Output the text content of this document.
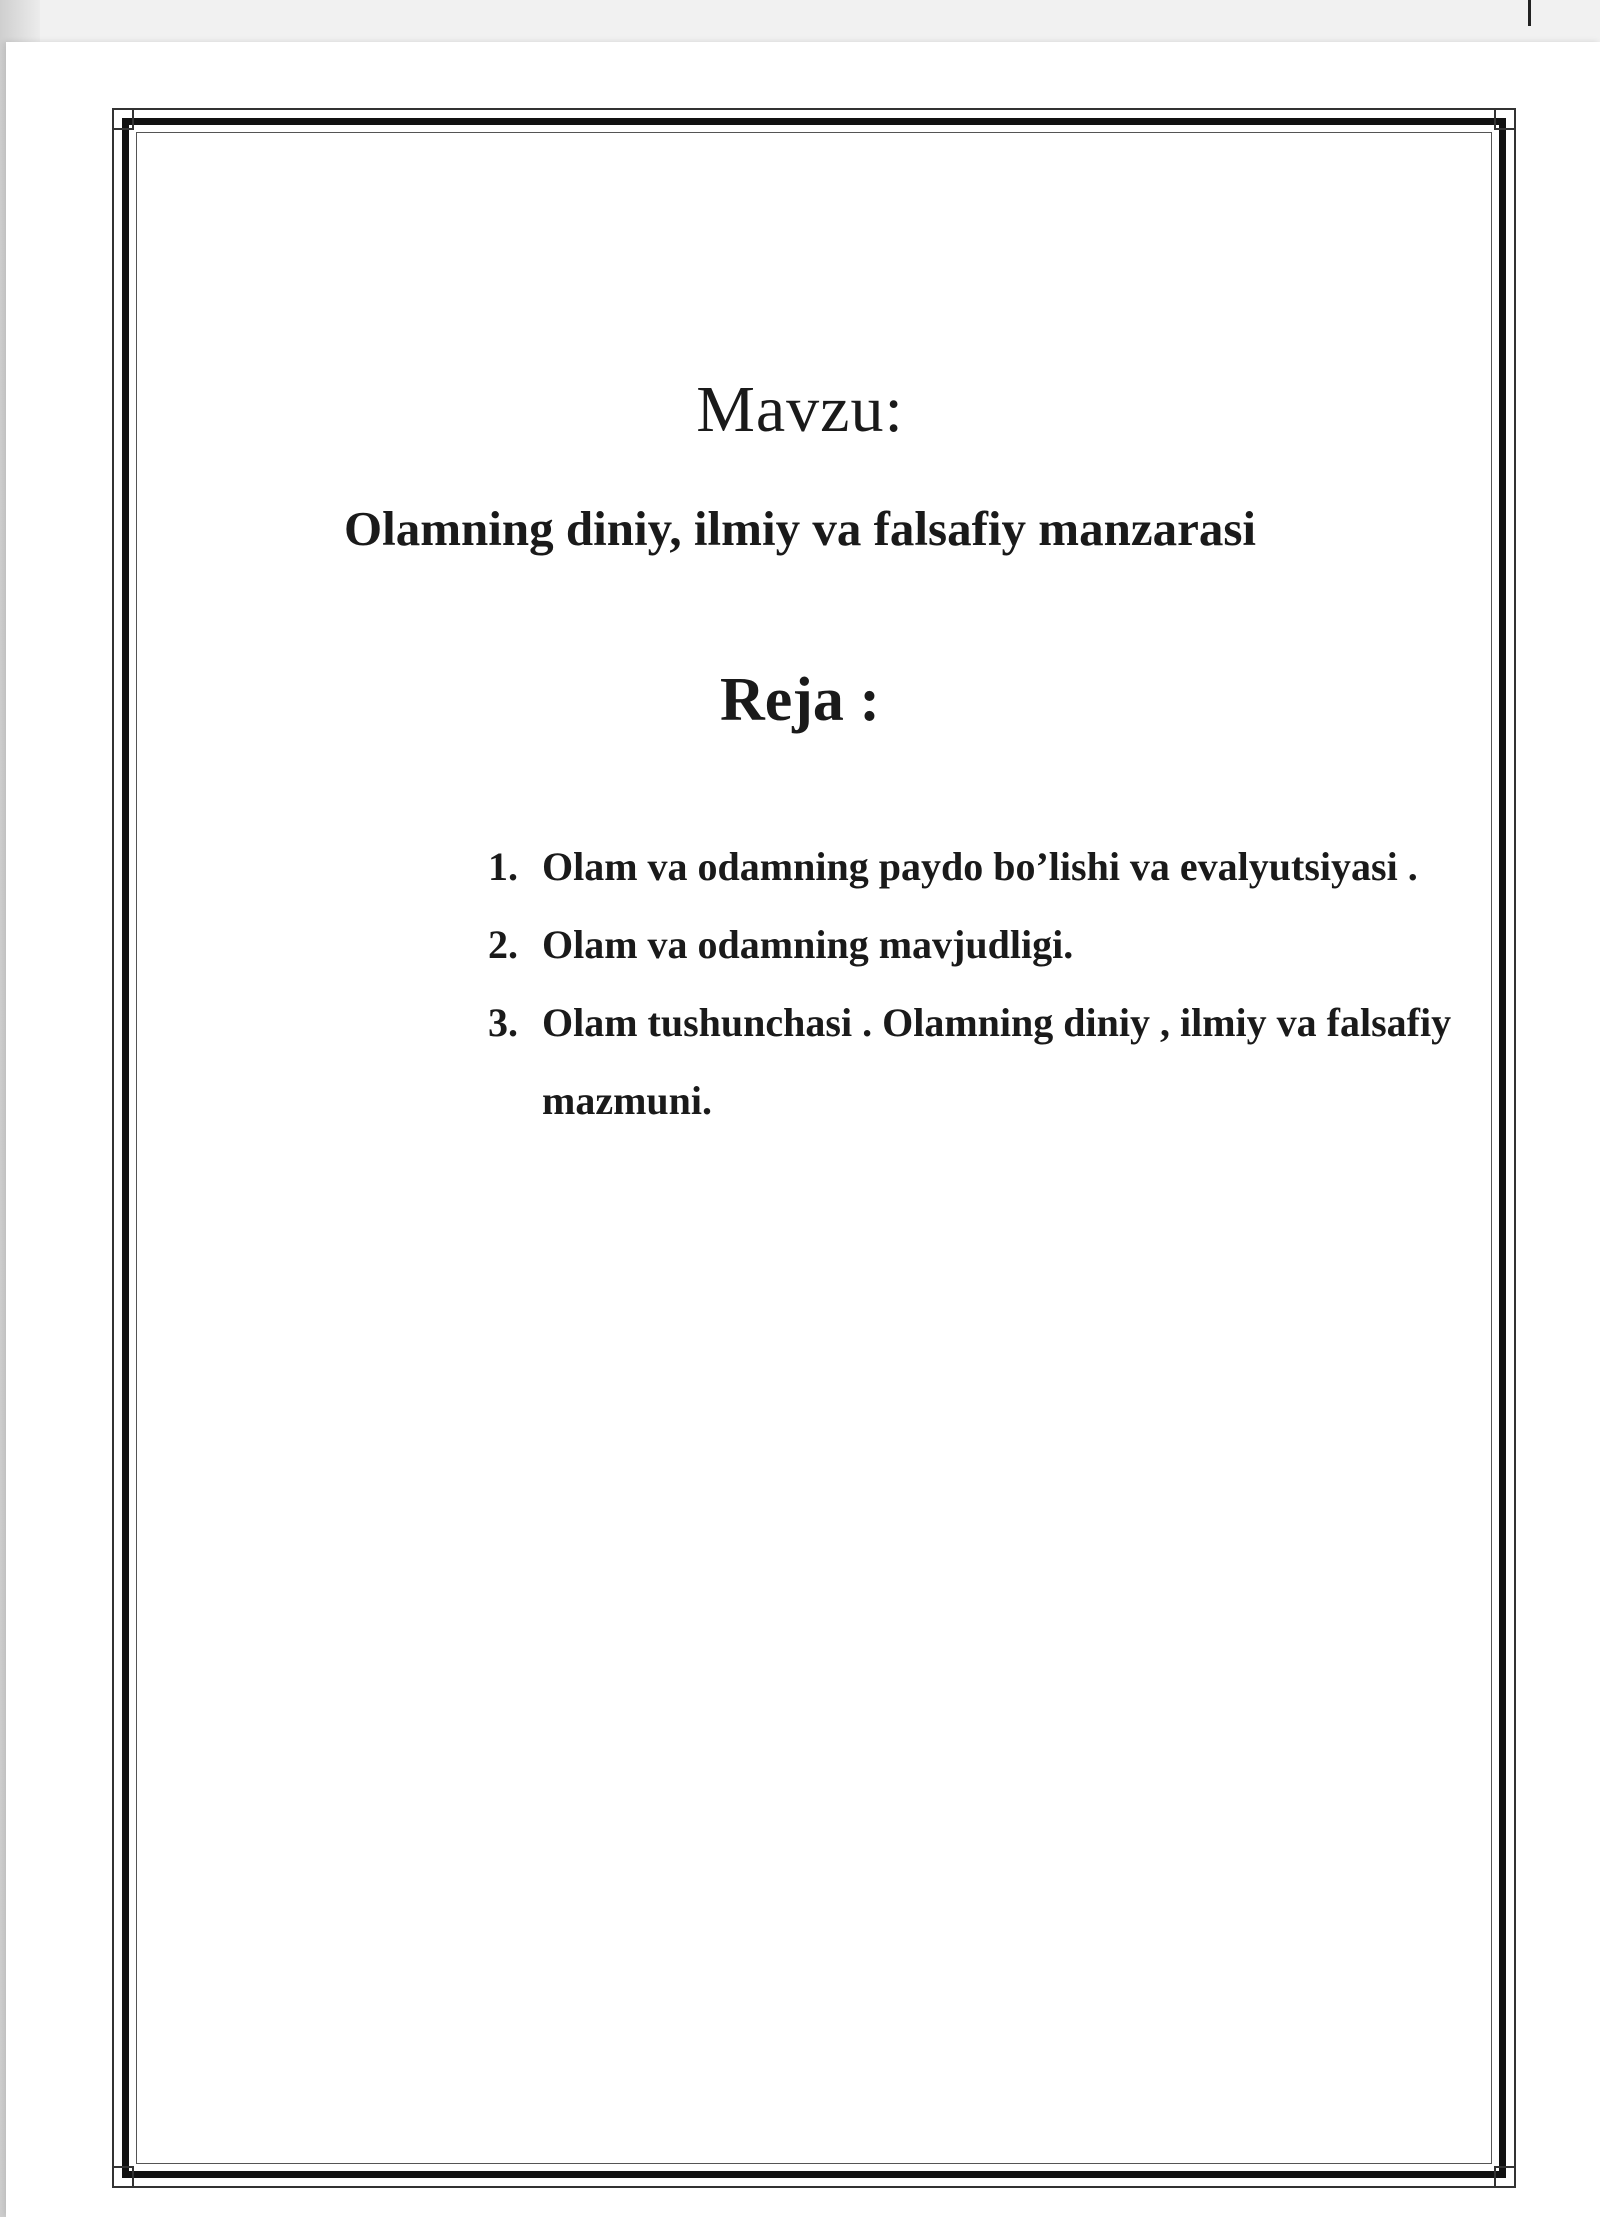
Mavzu:
Olamning diniy, ilmiy va falsafiy manzarasi
Reja :
1. Olam va odamning paydo bo’lishi va evalyutsiyasi .
2. Olam va odamning mavjudligi.
3. Olam tushunchasi . Olamning diniy , ilmiy va falsafiy mazmuni.
